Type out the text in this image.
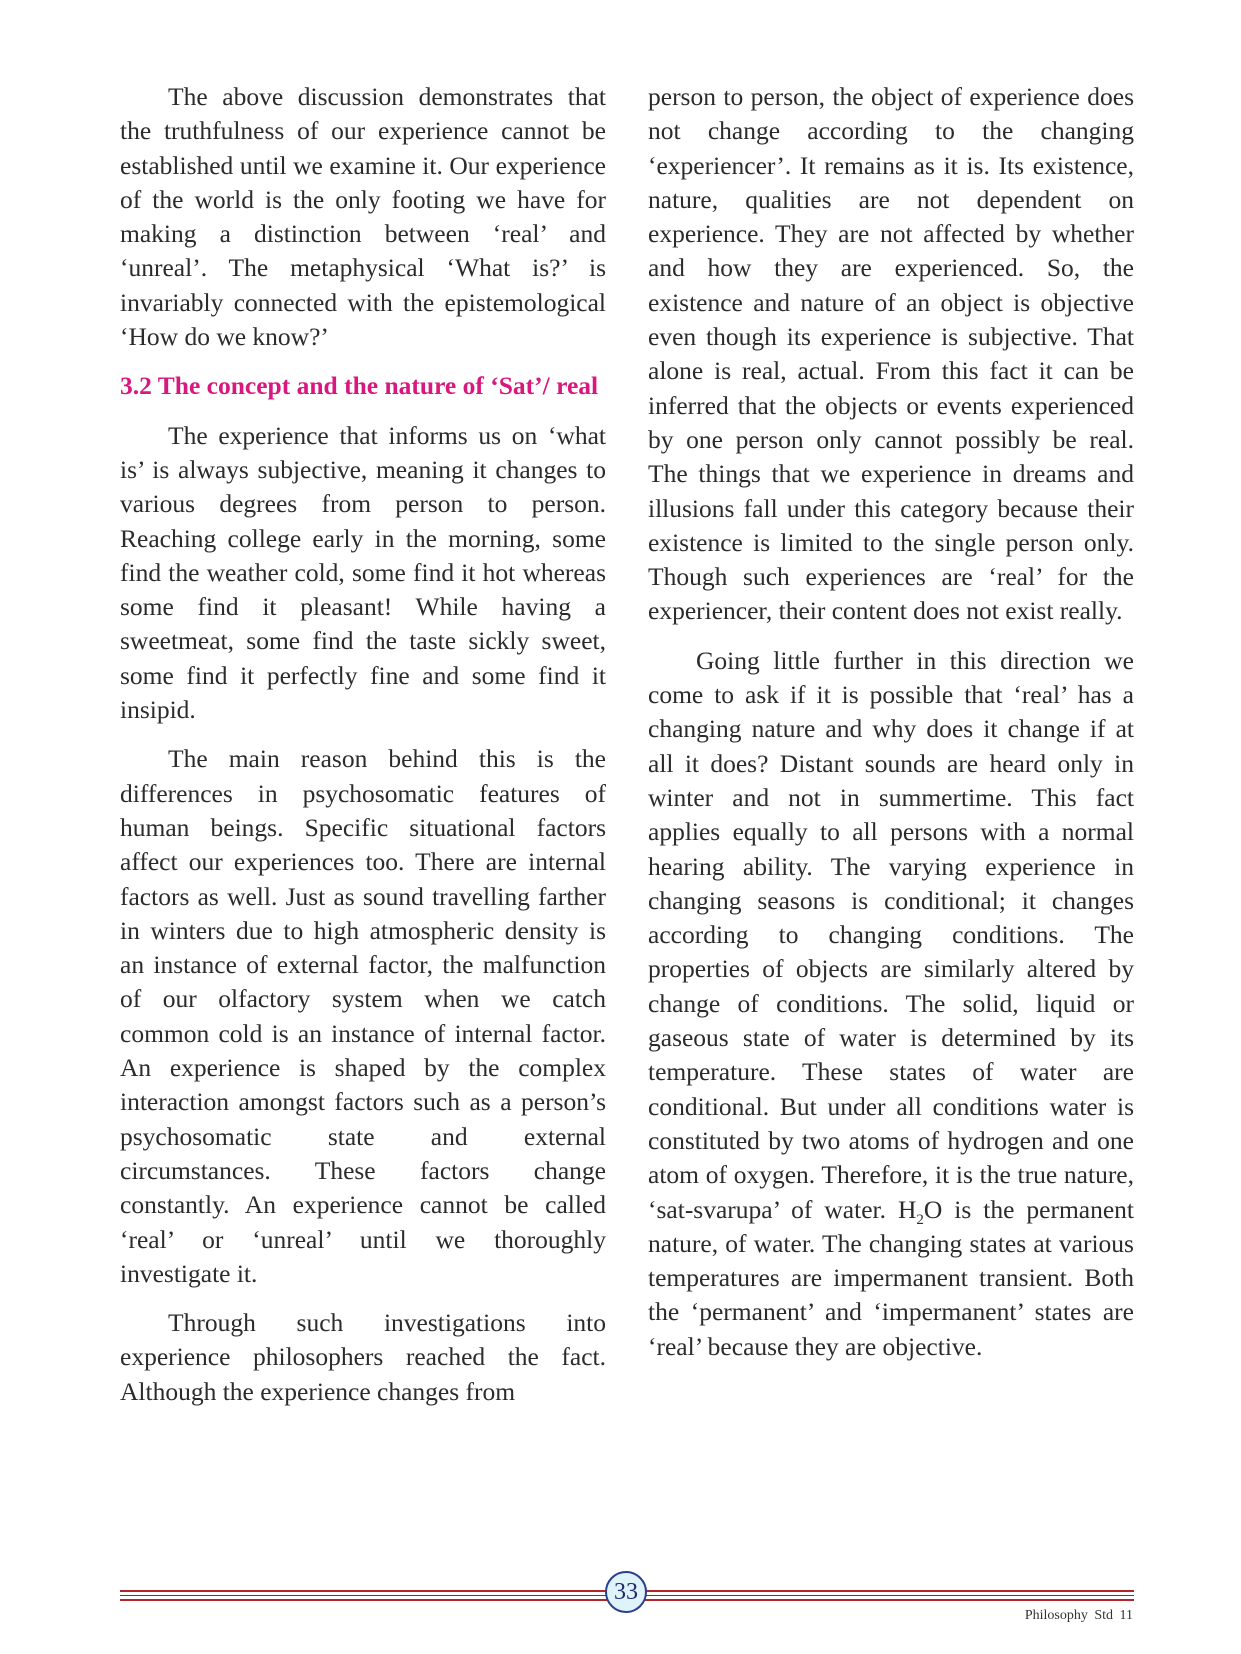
The above discussion demonstrates that the truthfulness of our experience cannot be established until we examine it. Our experience of the world is the only footing we have for making a distinction between ‘real’ and ‘unreal’. The metaphysical ‘What is?’ is invariably connected with the epistemological ‘How do we know?’

3.2 The concept and the nature of ‘Sat’/ real

The experience that informs us on ‘what is’ is always subjective, meaning it changes to various degrees from person to person. Reaching college early in the morning, some find the weather cold, some find it hot whereas some find it pleasant! While having a sweetmeat, some find the taste sickly sweet, some find it perfectly fine and some find it insipid.

The main reason behind this is the differences in psychosomatic features of human beings. Specific situational factors affect our experiences too. There are internal factors as well. Just as sound travelling farther in winters due to high atmospheric density is an instance of external factor, the malfunction of our olfactory system when we catch common cold is an instance of internal factor. An experience is shaped by the complex interaction amongst factors such as a person’s psychosomatic state and external circumstances. These factors change constantly. An experience cannot be called ‘real’ or ‘unreal’ until we thoroughly investigate it.

Through such investigations into experience philosophers reached the fact. Although the experience changes from

person to person, the object of experience does not change according to the changing ‘experiencer’. It remains as it is. Its existence, nature, qualities are not dependent on experience. They are not affected by whether and how they are experienced. So, the existence and nature of an object is objective even though its experience is subjective. That alone is real, actual. From this fact it can be inferred that the objects or events experienced by one person only cannot possibly be real. The things that we experience in dreams and illusions fall under this category because their existence is limited to the single person only. Though such experiences are ‘real’ for the experiencer, their content does not exist really.

Going little further in this direction we come to ask if it is possible that ‘real’ has a changing nature and why does it change if at all it does? Distant sounds are heard only in winter and not in summertime. This fact applies equally to all persons with a normal hearing ability. The varying experience in changing seasons is conditional; it changes according to changing conditions. The properties of objects are similarly altered by change of conditions. The solid, liquid or gaseous state of water is determined by its temperature. These states of water are conditional. But under all conditions water is constituted by two atoms of hydrogen and one atom of oxygen. Therefore, it is the true nature, ‘sat-svarupa’ of water. $H_2O$ is the permanent nature, of water. The changing states at various temperatures are impermanent transient. Both the ‘permanent’ and ‘impermanent’ states are ‘real’ because they are objective.

33
Philosophy Std 11
